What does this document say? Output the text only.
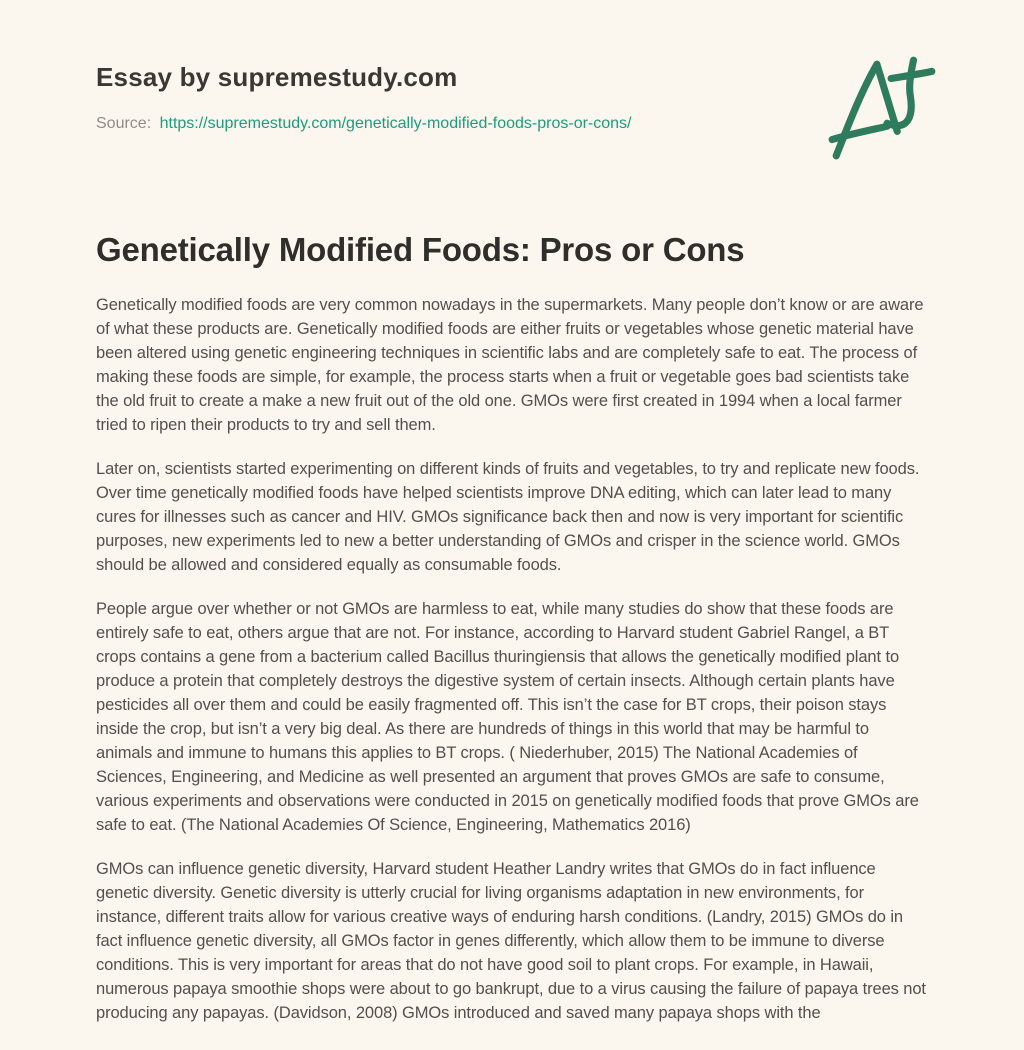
Essay by supremestudy.com

Source: https://supremestudy.com/genetically-modified-foods-pros-or-cons/

Genetically Modified Foods: Pros or Cons

Genetically modified foods are very common nowadays in the supermarkets. Many people don’t know or are aware of what these products are. Genetically modified foods are either fruits or vegetables whose genetic material have been altered using genetic engineering techniques in scientific labs and are completely safe to eat. The process of making these foods are simple, for example, the process starts when a fruit or vegetable goes bad scientists take the old fruit to create a make a new fruit out of the old one. GMOs were first created in 1994 when a local farmer tried to ripen their products to try and sell them.

Later on, scientists started experimenting on different kinds of fruits and vegetables, to try and replicate new foods. Over time genetically modified foods have helped scientists improve DNA editing, which can later lead to many cures for illnesses such as cancer and HIV. GMOs significance back then and now is very important for scientific purposes, new experiments led to new a better understanding of GMOs and crisper in the science world. GMOs should be allowed and considered equally as consumable foods.

People argue over whether or not GMOs are harmless to eat, while many studies do show that these foods are entirely safe to eat, others argue that are not. For instance, according to Harvard student Gabriel Rangel, a BT crops contains a gene from a bacterium called Bacillus thuringiensis that allows the genetically modified plant to produce a protein that completely destroys the digestive system of certain insects. Although certain plants have pesticides all over them and could be easily fragmented off. This isn’t the case for BT crops, their poison stays inside the crop, but isn’t a very big deal. As there are hundreds of things in this world that may be harmful to animals and immune to humans this applies to BT crops. ( Niederhuber, 2015) The National Academies of Sciences, Engineering, and Medicine as well presented an argument that proves GMOs are safe to consume, various experiments and observations were conducted in 2015 on genetically modified foods that prove GMOs are safe to eat. (The National Academies Of Science, Engineering, Mathematics 2016)

GMOs can influence genetic diversity, Harvard student Heather Landry writes that GMOs do in fact influence genetic diversity. Genetic diversity is utterly crucial for living organisms adaptation in new environments, for instance, different traits allow for various creative ways of enduring harsh conditions. (Landry, 2015) GMOs do in fact influence genetic diversity, all GMOs factor in genes differently, which allow them to be immune to diverse conditions. This is very important for areas that do not have good soil to plant crops. For example, in Hawaii, numerous papaya smoothie shops were about to go bankrupt, due to a virus causing the failure of papaya trees not producing any papayas. (Davidson, 2008) GMOs introduced and saved many papaya shops with the
